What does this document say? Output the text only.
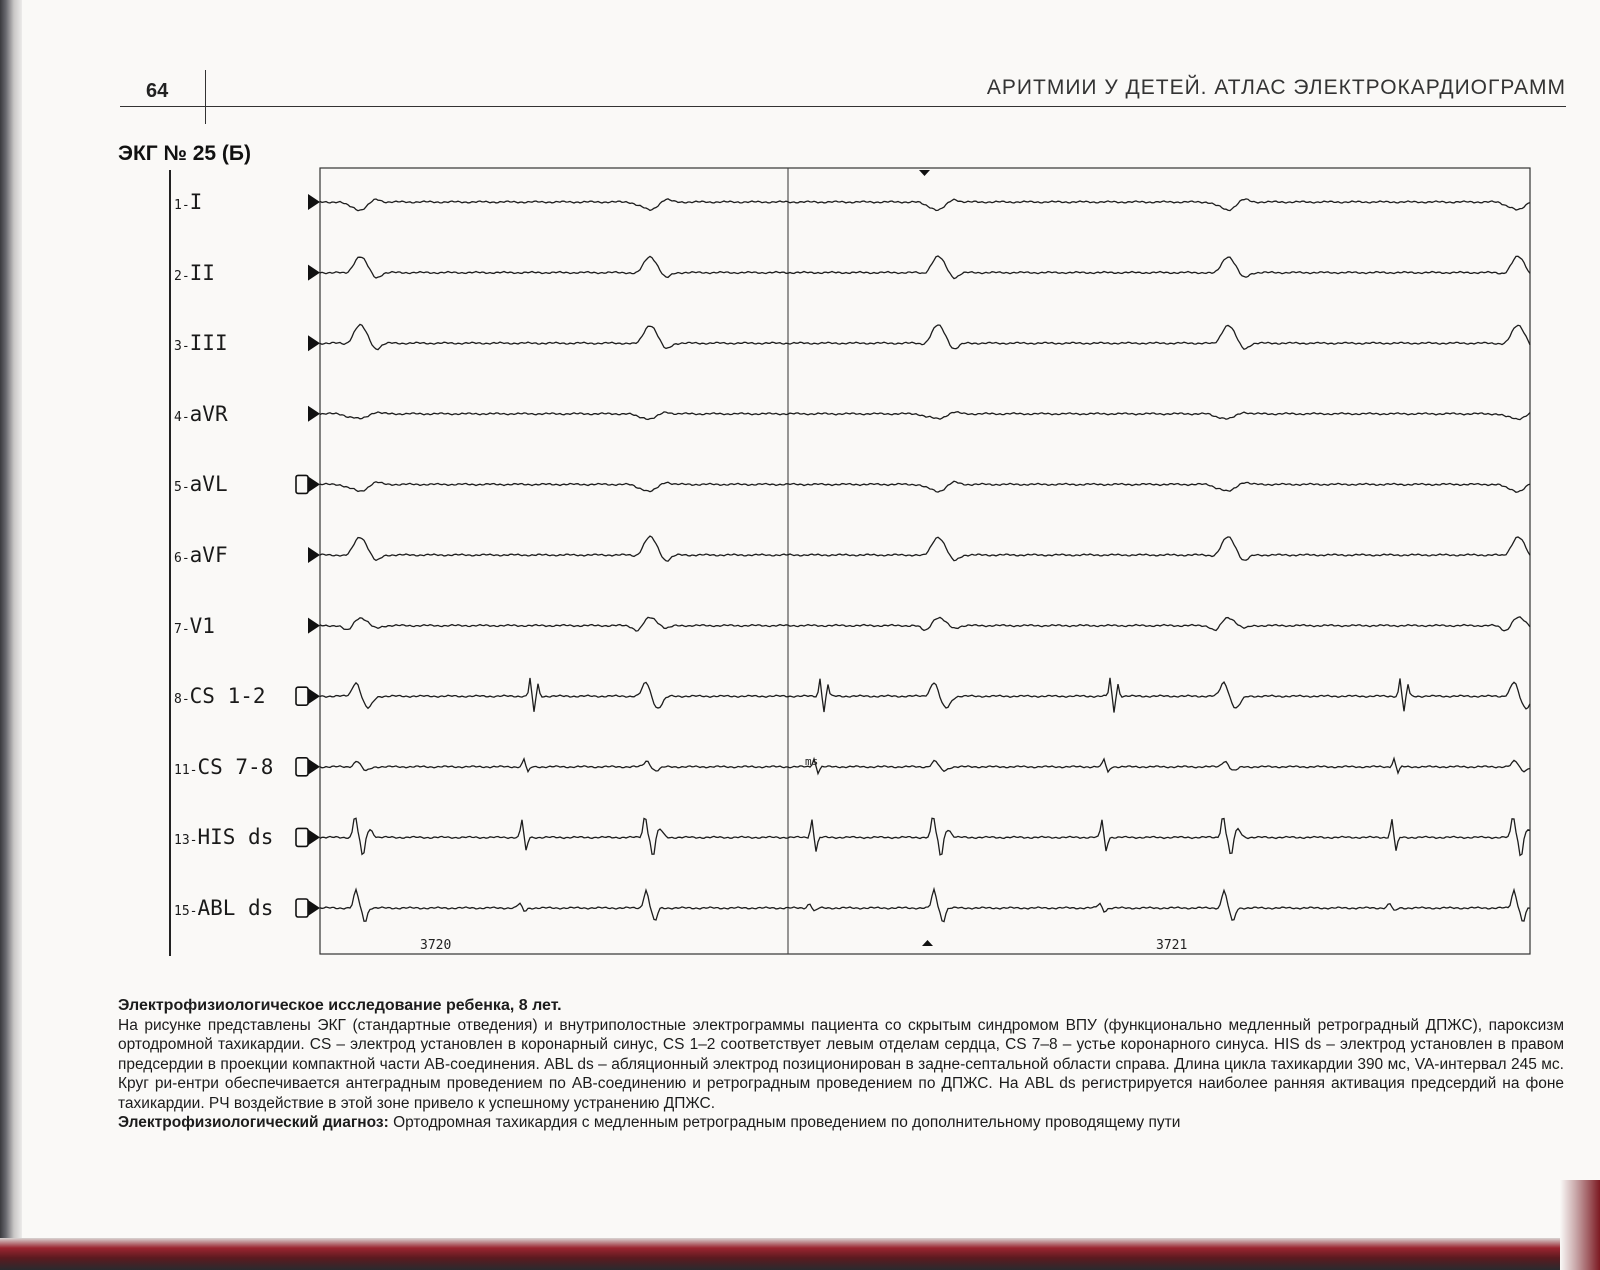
64	АРИТМИИ У ДЕТЕЙ. АТЛАС ЭЛЕКТРОКАРДИОГРАММ
ЭКГ № 25 (Б)
1-I
2-II
3-III
4-aVR
5-aVL
6-aVF
7-V1
8-CS 1-2
11-CS 7-8
13-HIS ds
15-ABL ds
3720	3721
ms
Электрофизиологическое исследование ребенка, 8 лет.

На рисунке представлены ЭКГ (стандартные отведения) и внутриполостные электрограммы пациента со скрытым синдромом ВПУ (функционально медленный ретроградный ДПЖС), пароксизм ортодромной тахикардии. CS – электрод установлен в коронарный синус, CS 1–2 соответствует левым отделам сердца, CS 7–8 – устье коронарного синуса. HIS ds – электрод установлен в правом предсердии в проекции компактной части АВ-соединения. ABL ds – абляционный электрод позиционирован в задне-септальной области справа. Длина цикла тахикардии 390 мс, VA-интервал 245 мс. Круг ри-ентри обеспечивается антеградным проведением по АВ-соединению и ретроградным проведением по ДПЖС. На ABL ds регистрируется наиболее ранняя активация предсердий на фоне тахикардии. РЧ воздействие в этой зоне привело к успешному устранению ДПЖС.

Электрофизиологический диагноз: Ортодромная тахикардия с медленным ретроградным проведением по дополнительному проводящему пути
